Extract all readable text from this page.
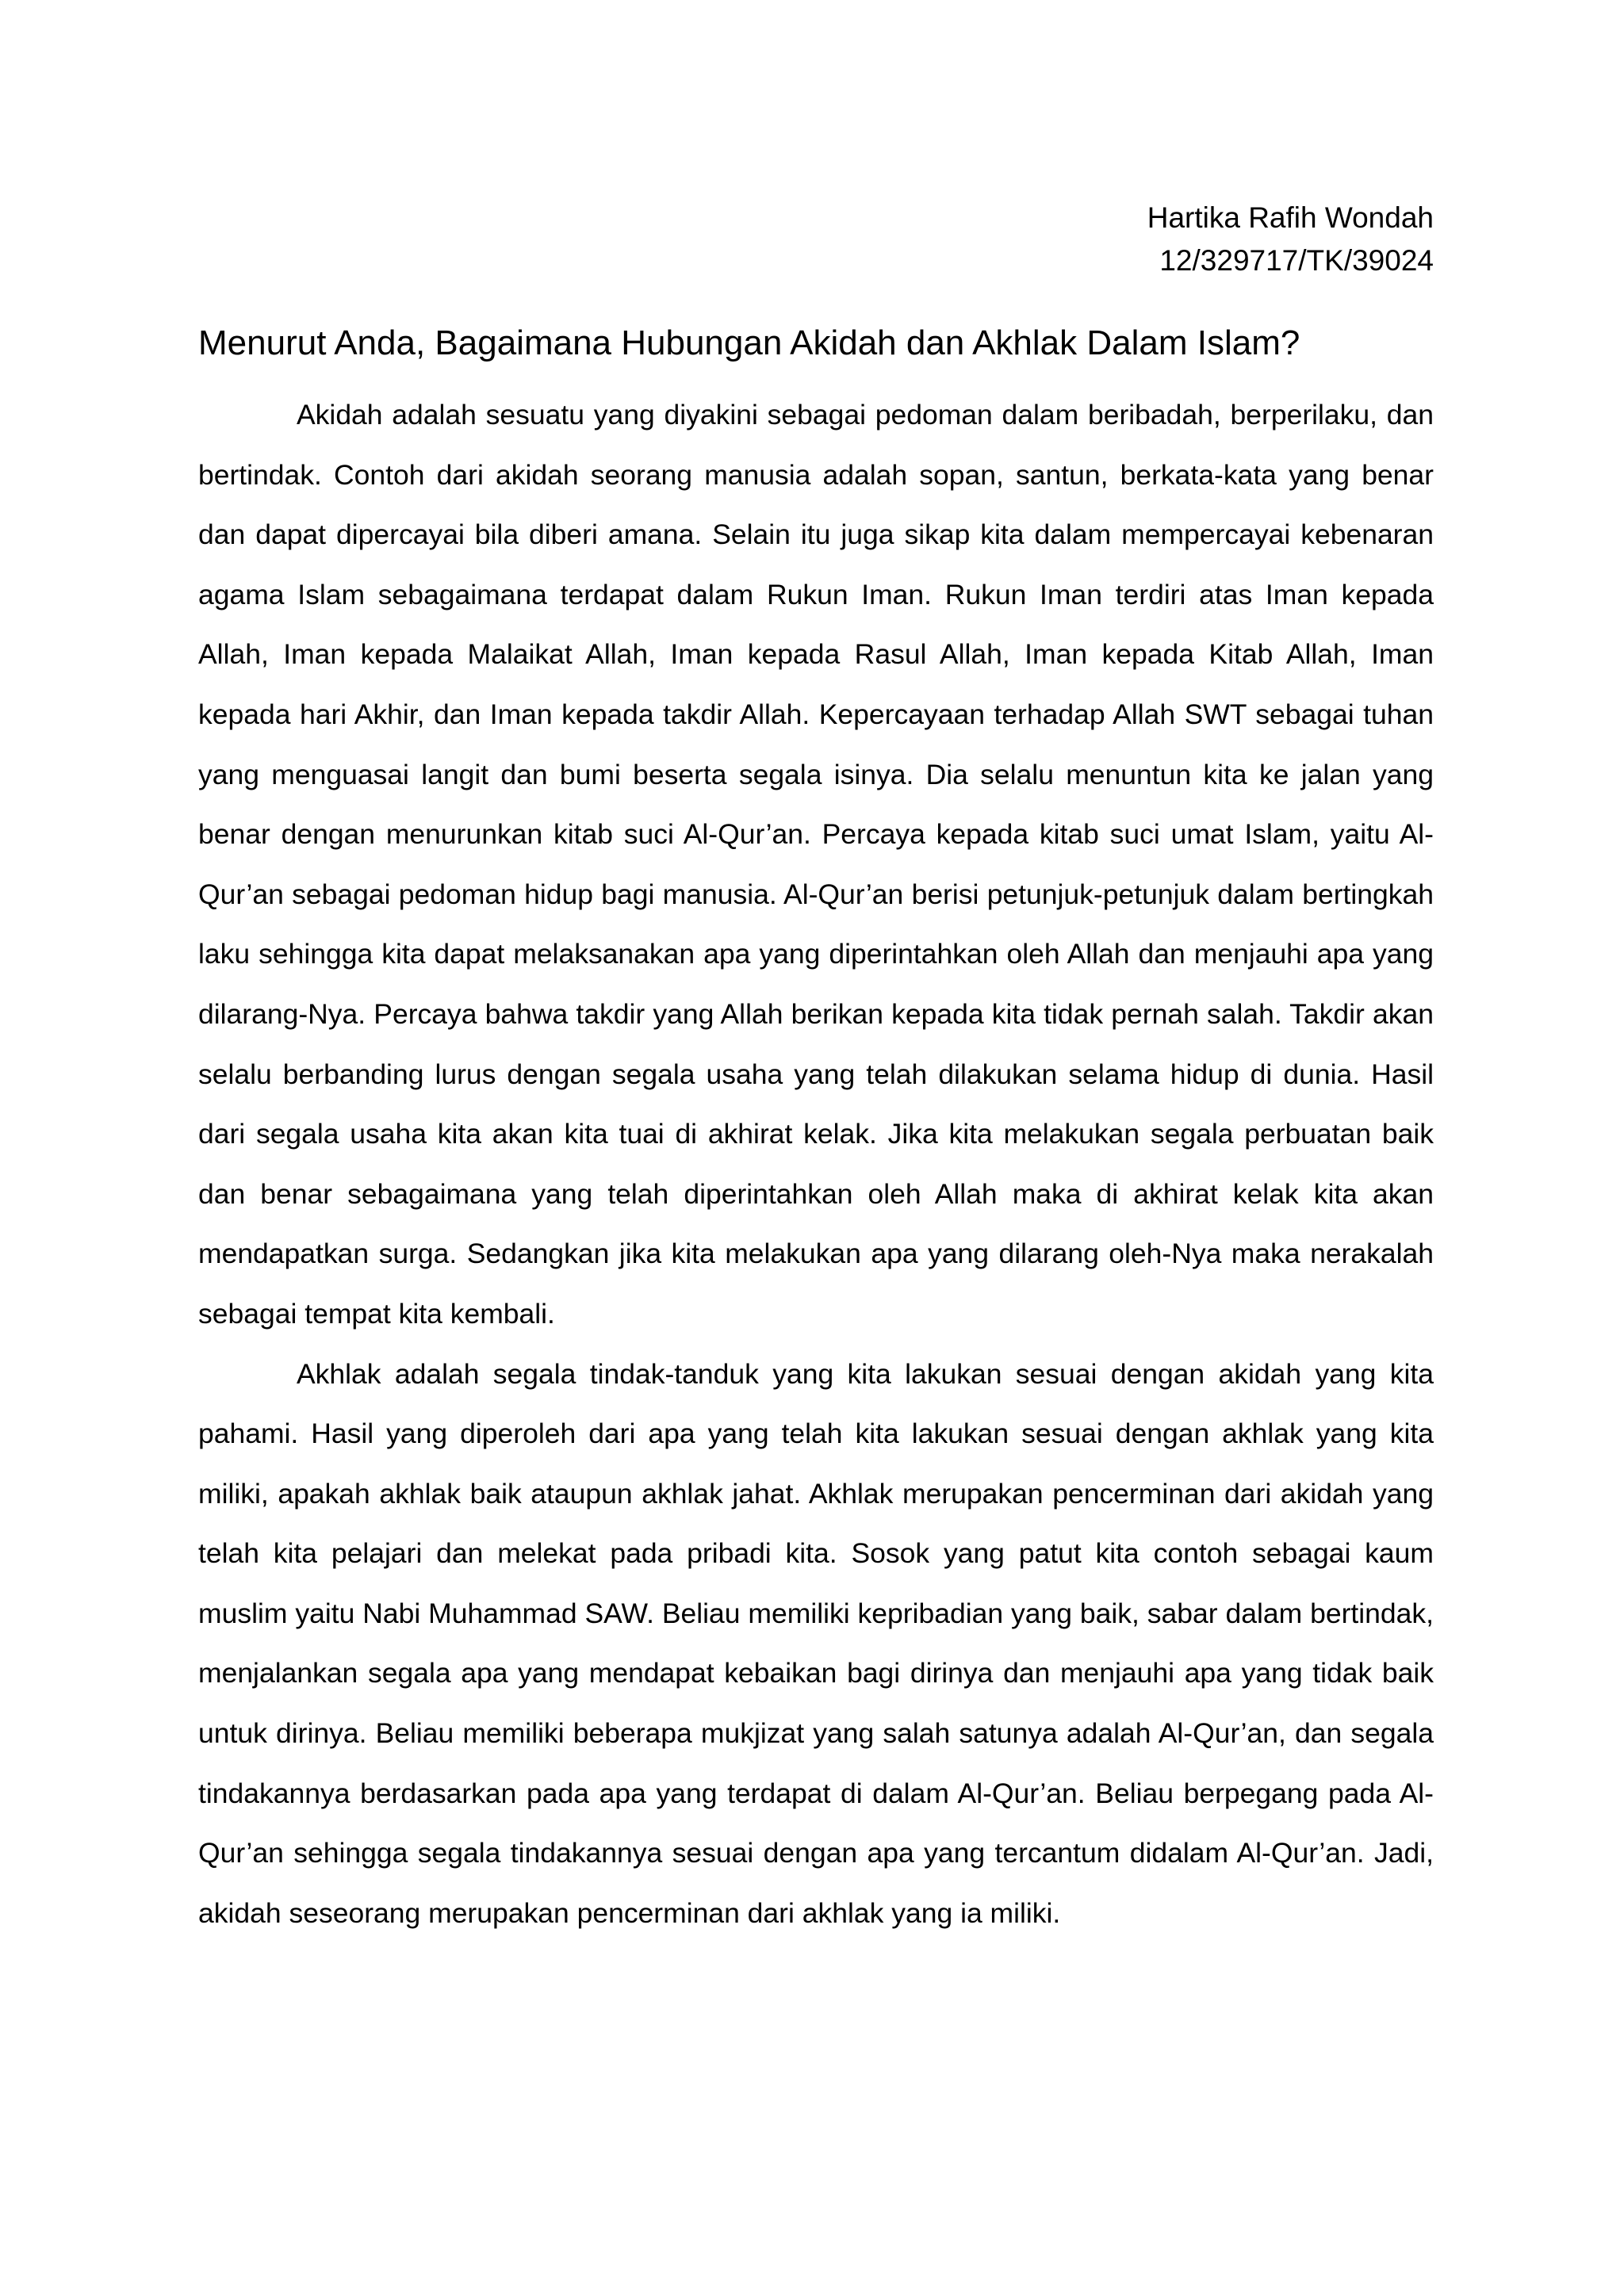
Hartika Rafih Wondah
12/329717/TK/39024
Menurut Anda, Bagaimana Hubungan Akidah dan Akhlak Dalam Islam?

Akidah adalah sesuatu yang diyakini sebagai pedoman dalam beribadah, berperilaku, dan bertindak. Contoh dari akidah seorang manusia adalah sopan, santun, berkata-kata yang benar dan dapat dipercayai bila diberi amana. Selain itu juga sikap kita dalam mempercayai kebenaran agama Islam sebagaimana terdapat dalam Rukun Iman. Rukun Iman terdiri atas Iman kepada Allah, Iman kepada Malaikat Allah, Iman kepada Rasul Allah, Iman kepada Kitab Allah, Iman kepada hari Akhir, dan Iman kepada takdir Allah. Kepercayaan terhadap Allah SWT sebagai tuhan yang menguasai langit dan bumi beserta segala isinya. Dia selalu menuntun kita ke jalan yang benar dengan menurunkan kitab suci Al-Qur’an. Percaya kepada kitab suci umat Islam, yaitu Al-Qur’an sebagai pedoman hidup bagi manusia. Al-Qur’an berisi petunjuk-petunjuk dalam bertingkah laku sehingga kita dapat melaksanakan apa yang diperintahkan oleh Allah dan menjauhi apa yang dilarang-Nya. Percaya bahwa takdir yang Allah berikan kepada kita tidak pernah salah. Takdir akan selalu berbanding lurus dengan segala usaha yang telah dilakukan selama hidup di dunia. Hasil dari segala usaha kita akan kita tuai di akhirat kelak. Jika kita melakukan segala perbuatan baik dan benar sebagaimana yang telah diperintahkan oleh Allah maka di akhirat kelak kita akan mendapatkan surga. Sedangkan jika kita melakukan apa yang dilarang oleh-Nya maka nerakalah sebagai tempat kita kembali.

Akhlak adalah segala tindak-tanduk yang kita lakukan sesuai dengan akidah yang kita pahami. Hasil yang diperoleh dari apa yang telah kita lakukan sesuai dengan akhlak yang kita miliki, apakah akhlak baik ataupun akhlak jahat. Akhlak merupakan pencerminan dari akidah yang telah kita pelajari dan melekat pada pribadi kita. Sosok yang patut kita contoh sebagai kaum muslim yaitu Nabi Muhammad SAW. Beliau memiliki kepribadian yang baik, sabar dalam bertindak, menjalankan segala apa yang mendapat kebaikan bagi dirinya dan menjauhi apa yang tidak baik untuk dirinya. Beliau memiliki beberapa mukjizat yang salah satunya adalah Al-Qur’an, dan segala tindakannya berdasarkan pada apa yang terdapat di dalam Al-Qur’an. Beliau berpegang pada Al-Qur’an sehingga segala tindakannya sesuai dengan apa yang tercantum didalam Al-Qur’an. Jadi, akidah seseorang merupakan pencerminan dari akhlak yang ia miliki.
